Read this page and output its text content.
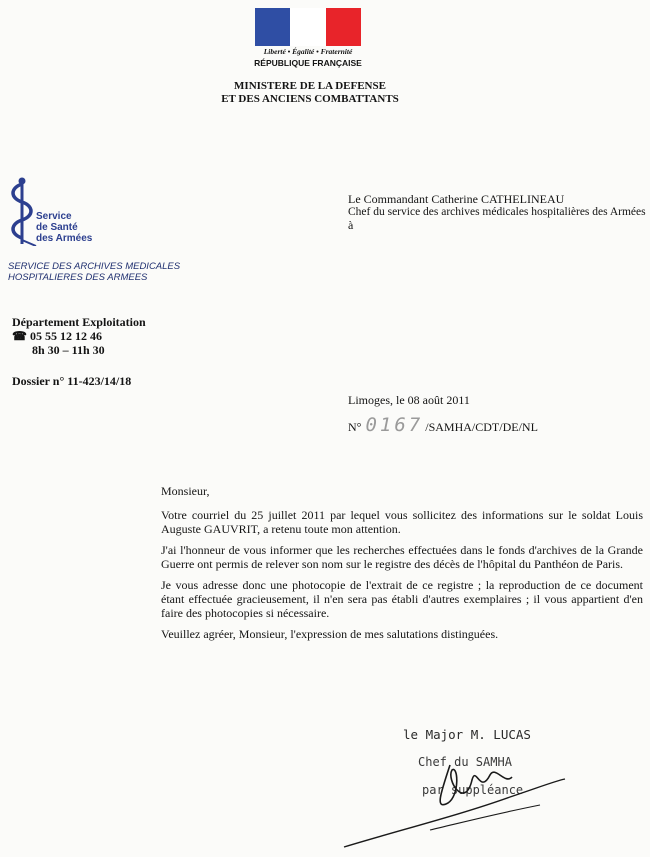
Liberté • Égalité • Fraternité
RÉPUBLIQUE FRANÇAISE
MINISTERE DE LA DEFENSE
ET DES ANCIENS COMBATTANTS
Service
de Santé
des Armées
SERVICE DES ARCHIVES MEDICALES
HOSPITALIERES DES ARMEES
Département Exploitation
☎ 05 55 12 12 46
8h 30 – 11h 30
Dossier n° 11-423/14/18
Le Commandant Catherine CATHELINEAU
Chef du service des archives médicales hospitalières des Armées
à
Limoges, le 08 août 2011
N° 0167 /SAMHA/CDT/DE/NL

Monsieur,

Votre courriel du 25 juillet 2011 par lequel vous sollicitez des informations sur le soldat Louis Auguste GAUVRIT, a retenu toute mon attention.

J'ai l'honneur de vous informer que les recherches effectuées dans le fonds d'archives de la Grande Guerre ont permis de relever son nom sur le registre des décès de l'hôpital du Panthéon de Paris.

Je vous adresse donc une photocopie de l'extrait de ce registre ; la reproduction de ce document étant effectuée gracieusement, il n'en sera pas établi d'autres exemplaires ; il vous appartient d'en faire des photocopies si nécessaire.

Veuillez agréer, Monsieur, l'expression de mes salutations distinguées.

le Major M. LUCAS
Chef du SAMHA
par suppléance
